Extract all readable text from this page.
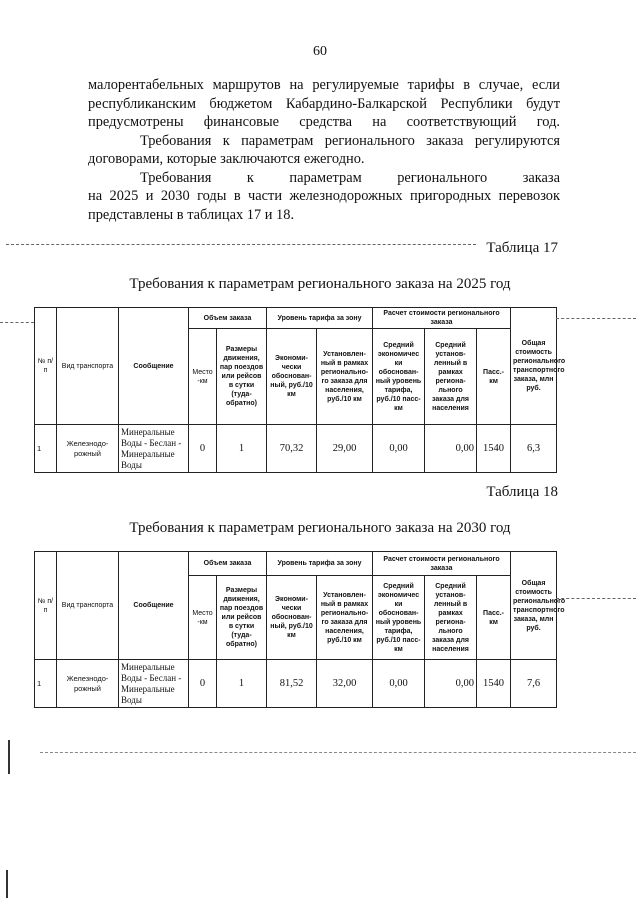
60

малорентабельных маршрутов на регулируемые тарифы в случае, если республиканским бюджетом Кабардино-Балкарской Республики будут предусмотрены финансовые средства на соответствующий год.

Требования к параметрам регионального заказа регулируются договорами, которые заключаются ежегодно.

Требования к параметрам регионального заказа

на 2025 и 2030 годы в части железнодорожных пригородных перевозок представлены в таблицах 17 и 18.

Таблица 17
Требования к параметрам регионального заказа на 2025 год
№ п/п	Вид транспорта	Сообщение	Объем заказа		Уровень тарифа за зону		Расчет стоимости регионального заказа			Общая стоимость регионального транспортного заказа, млн руб.
			Место -км	Размеры движения, пар поездов или рейсов в сутки (туда-обратно)	Экономи-чески обоснован-ный, руб./10 км	Установлен-ный в рамках регионально-го заказа для населения, руб./10 км	Средний экономичес ки обоснован-ный уровень тарифа, руб./10 пасс-км	Средний установ-ленный в рамках региона-льного заказа для населения	Пасс.-км	
1	Железнодо-рожный	Минеральные Воды - Беслан - Минеральные Воды	0	1	70,32	29,00	0,00	0,00	1540	6,3
Таблица 18
Требования к параметрам регионального заказа на 2030 год
№ п/п	Вид транспорта	Сообщение	Объем заказа		Уровень тарифа за зону		Расчет стоимости регионального заказа			Общая стоимость регионального транспортного заказа, млн руб.
			Место -км	Размеры движения, пар поездов или рейсов в сутки (туда-обратно)	Экономи-чески обоснован-ный, руб./10 км	Установлен-ный в рамках регионально-го заказа для населения, руб./10 км	Средний экономичес ки обоснован-ный уровень тарифа, руб./10 пасс-км	Средний установ-ленный в рамках региона-льного заказа для населения	Пасс.-км	
1	Железнодо-рожный	Минеральные Воды - Беслан - Минеральные Воды	0	1	81,52	32,00	0,00	0,00	1540	7,6
